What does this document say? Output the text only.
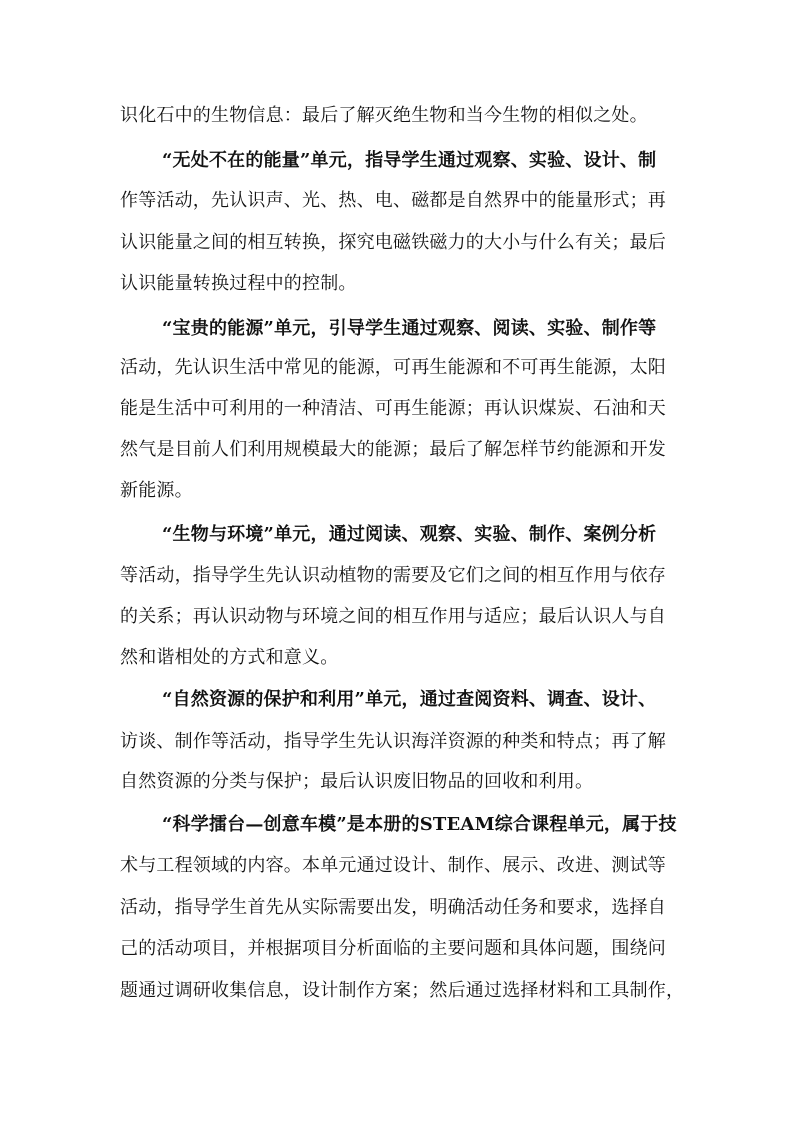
识化石中的生物信息：最后了解灭绝生物和当今生物的相似之处。
“无处不在的能量”单元，指导学生通过观察、实验、设计、制
作等活动，先认识声、光、热、电、磁都是自然界中的能量形式；再
认识能量之间的相互转换，探究电磁铁磁力的大小与什么有关；最后
认识能量转换过程中的控制。
“宝贵的能源”单元，引导学生通过观察、阅读、实验、制作等
活动，先认识生活中常见的能源，可再生能源和不可再生能源，太阳
能是生活中可利用的一种清洁、可再生能源；再认识煤炭、石油和天
然气是目前人们利用规模最大的能源；最后了解怎样节约能源和开发
新能源。
“生物与环境”单元，通过阅读、观察、实验、制作、案例分析
等活动，指导学生先认识动植物的需要及它们之间的相互作用与依存
的关系；再认识动物与环境之间的相互作用与适应；最后认识人与自
然和谐相处的方式和意义。
“自然资源的保护和利用”单元，通过查阅资料、调查、设计、
访谈、制作等活动，指导学生先认识海洋资源的种类和特点；再了解
自然资源的分类与保护；最后认识废旧物品的回收和利用。
“科学擂台—创意车模”是本册的STEAM综合课程单元，属于技
术与工程领域的内容。本单元通过设计、制作、展示、改进、测试等
活动，指导学生首先从实际需要出发，明确活动任务和要求，选择自
己的活动项目，并根据项目分析面临的主要问题和具体问题，围绕问
题通过调研收集信息，设计制作方案；然后通过选择材料和工具制作，
